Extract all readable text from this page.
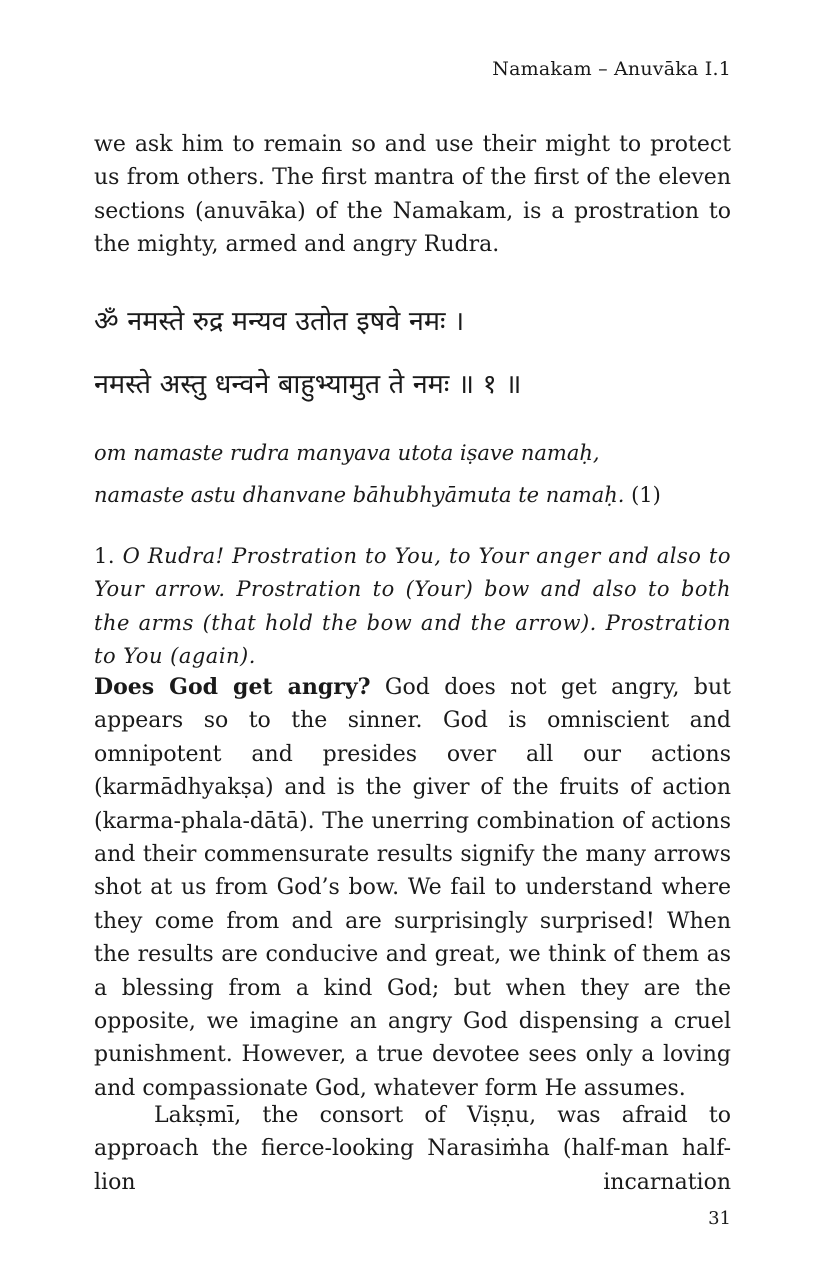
Namakam – Anuvāka I.1

we ask him to remain so and use their might to protect us from others. The first mantra of the first of the eleven sections (anuvāka) of the Namakam, is a prostration to the mighty, armed and angry Rudra.

ॐ नमस्ते रुद्र मन्यव उतोत इषवे नमः ।

नमस्ते अस्तु धन्वने बाहुभ्यामुत ते नमः ॥ १ ॥

om namaste rudra manyava utota iṣave namaḥ,

namaste astu dhanvane bāhubhyāmuta te namaḥ. (1)

1. O Rudra! Prostration to You, to Your anger and also to Your arrow. Prostration to (Your) bow and also to both the arms (that hold the bow and the arrow). Prostration to You (again).

Does God get angry? God does not get angry, but appears so to the sinner. God is omniscient and omnipotent and presides over all our actions (karmādhyakṣa) and is the giver of the fruits of action (karma-phala-dātā). The unerring combination of actions and their commensurate results signify the many arrows shot at us from God’s bow. We fail to understand where they come from and are surprisingly surprised! When the results are conducive and great, we think of them as a blessing from a kind God; but when they are the opposite, we imagine an angry God dispensing a cruel punishment. However, a true devotee sees only a loving and compassionate God, whatever form He assumes.

Lakṣmī, the consort of Viṣṇu, was afraid to approach the fierce-looking Narasiṁha (half-man half-lion incarnation

31
